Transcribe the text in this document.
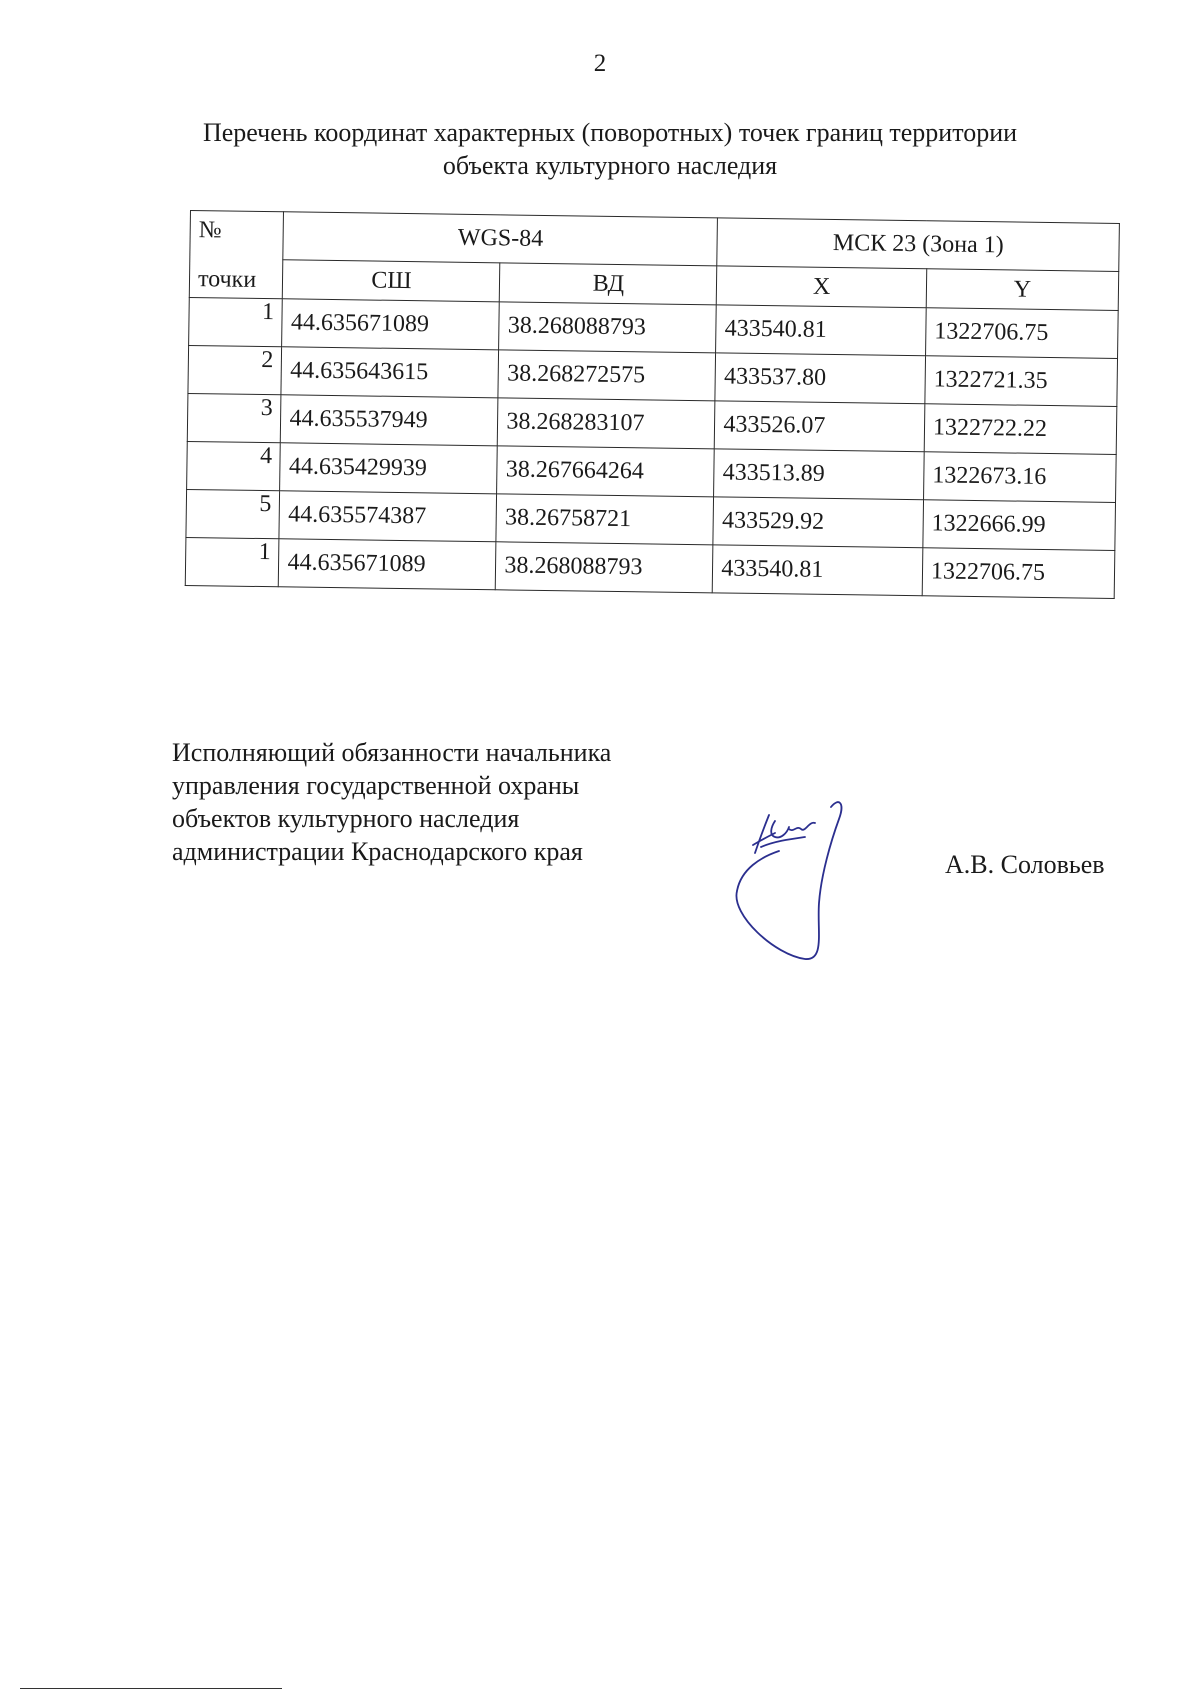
2
Перечень координат характерных (поворотных) точек границ территории
объекта культурного наследия
№
точки	WGS-84		МСК 23 (Зона 1)	
	СШ	ВД	X	Y
1	44.635671089	38.268088793	433540.81	1322706.75
2	44.635643615	38.268272575	433537.80	1322721.35
3	44.635537949	38.268283107	433526.07	1322722.22
4	44.635429939	38.267664264	433513.89	1322673.16
5	44.635574387	38.26758721	433529.92	1322666.99
1	44.635671089	38.268088793	433540.81	1322706.75
Исполняющий обязанности начальника
управления государственной охраны
объектов культурного наследия
администрации Краснодарского края	А.В. Соловьев
